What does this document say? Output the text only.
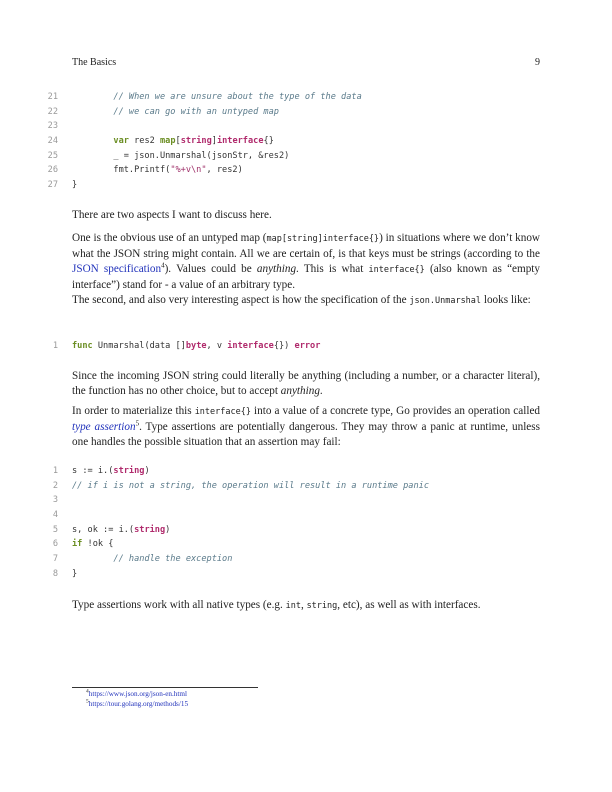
The Basics	9
21 // When we are unsure about the type of the data
22 // we can go with an untyped map
23
24	var res2 map[string]interface{}
25 _ = json.Unmarshal(jsonStr, &res2)
26 fmt.Printf("%+v\n", res2)
27 }
There are two aspects I want to discuss here.
One is the obvious use of an untyped map (map[string]interface{}) in situations where we don’t know what the JSON string might contain. All we are certain of, is that keys must be strings (according to the JSON specification$^4$). Values could be anything. This is what interface{} (also known as “empty interface”) stand for - a value of an arbitrary type.
The second, and also very interesting aspect is how the specification of the json.Unmarshal looks like:
1 func Unmarshal(data []byte, v interface{}) error
Since the incoming JSON string could literally be anything (including a number, or a character literal), the function has no other choice, but to accept anything.
In order to materialize this interface{} into a value of a concrete type, Go provides an operation called type assertion$^5$. Type assertions are potentially dangerous. They may throw a panic at runtime, unless one handles the possible situation that an assertion may fail:
1 s := i.(string)
2 // if i is not a string, the operation will result in a runtime panic
3
4
5 s, ok := i.(string)
6 if !ok {
7 // handle the exception
8 }
Type assertions work with all native types (e.g. int, string, etc), as well as with interfaces.
$^4$https://www.json.org/json-en.html
$^5$https://tour.golang.org/methods/15
